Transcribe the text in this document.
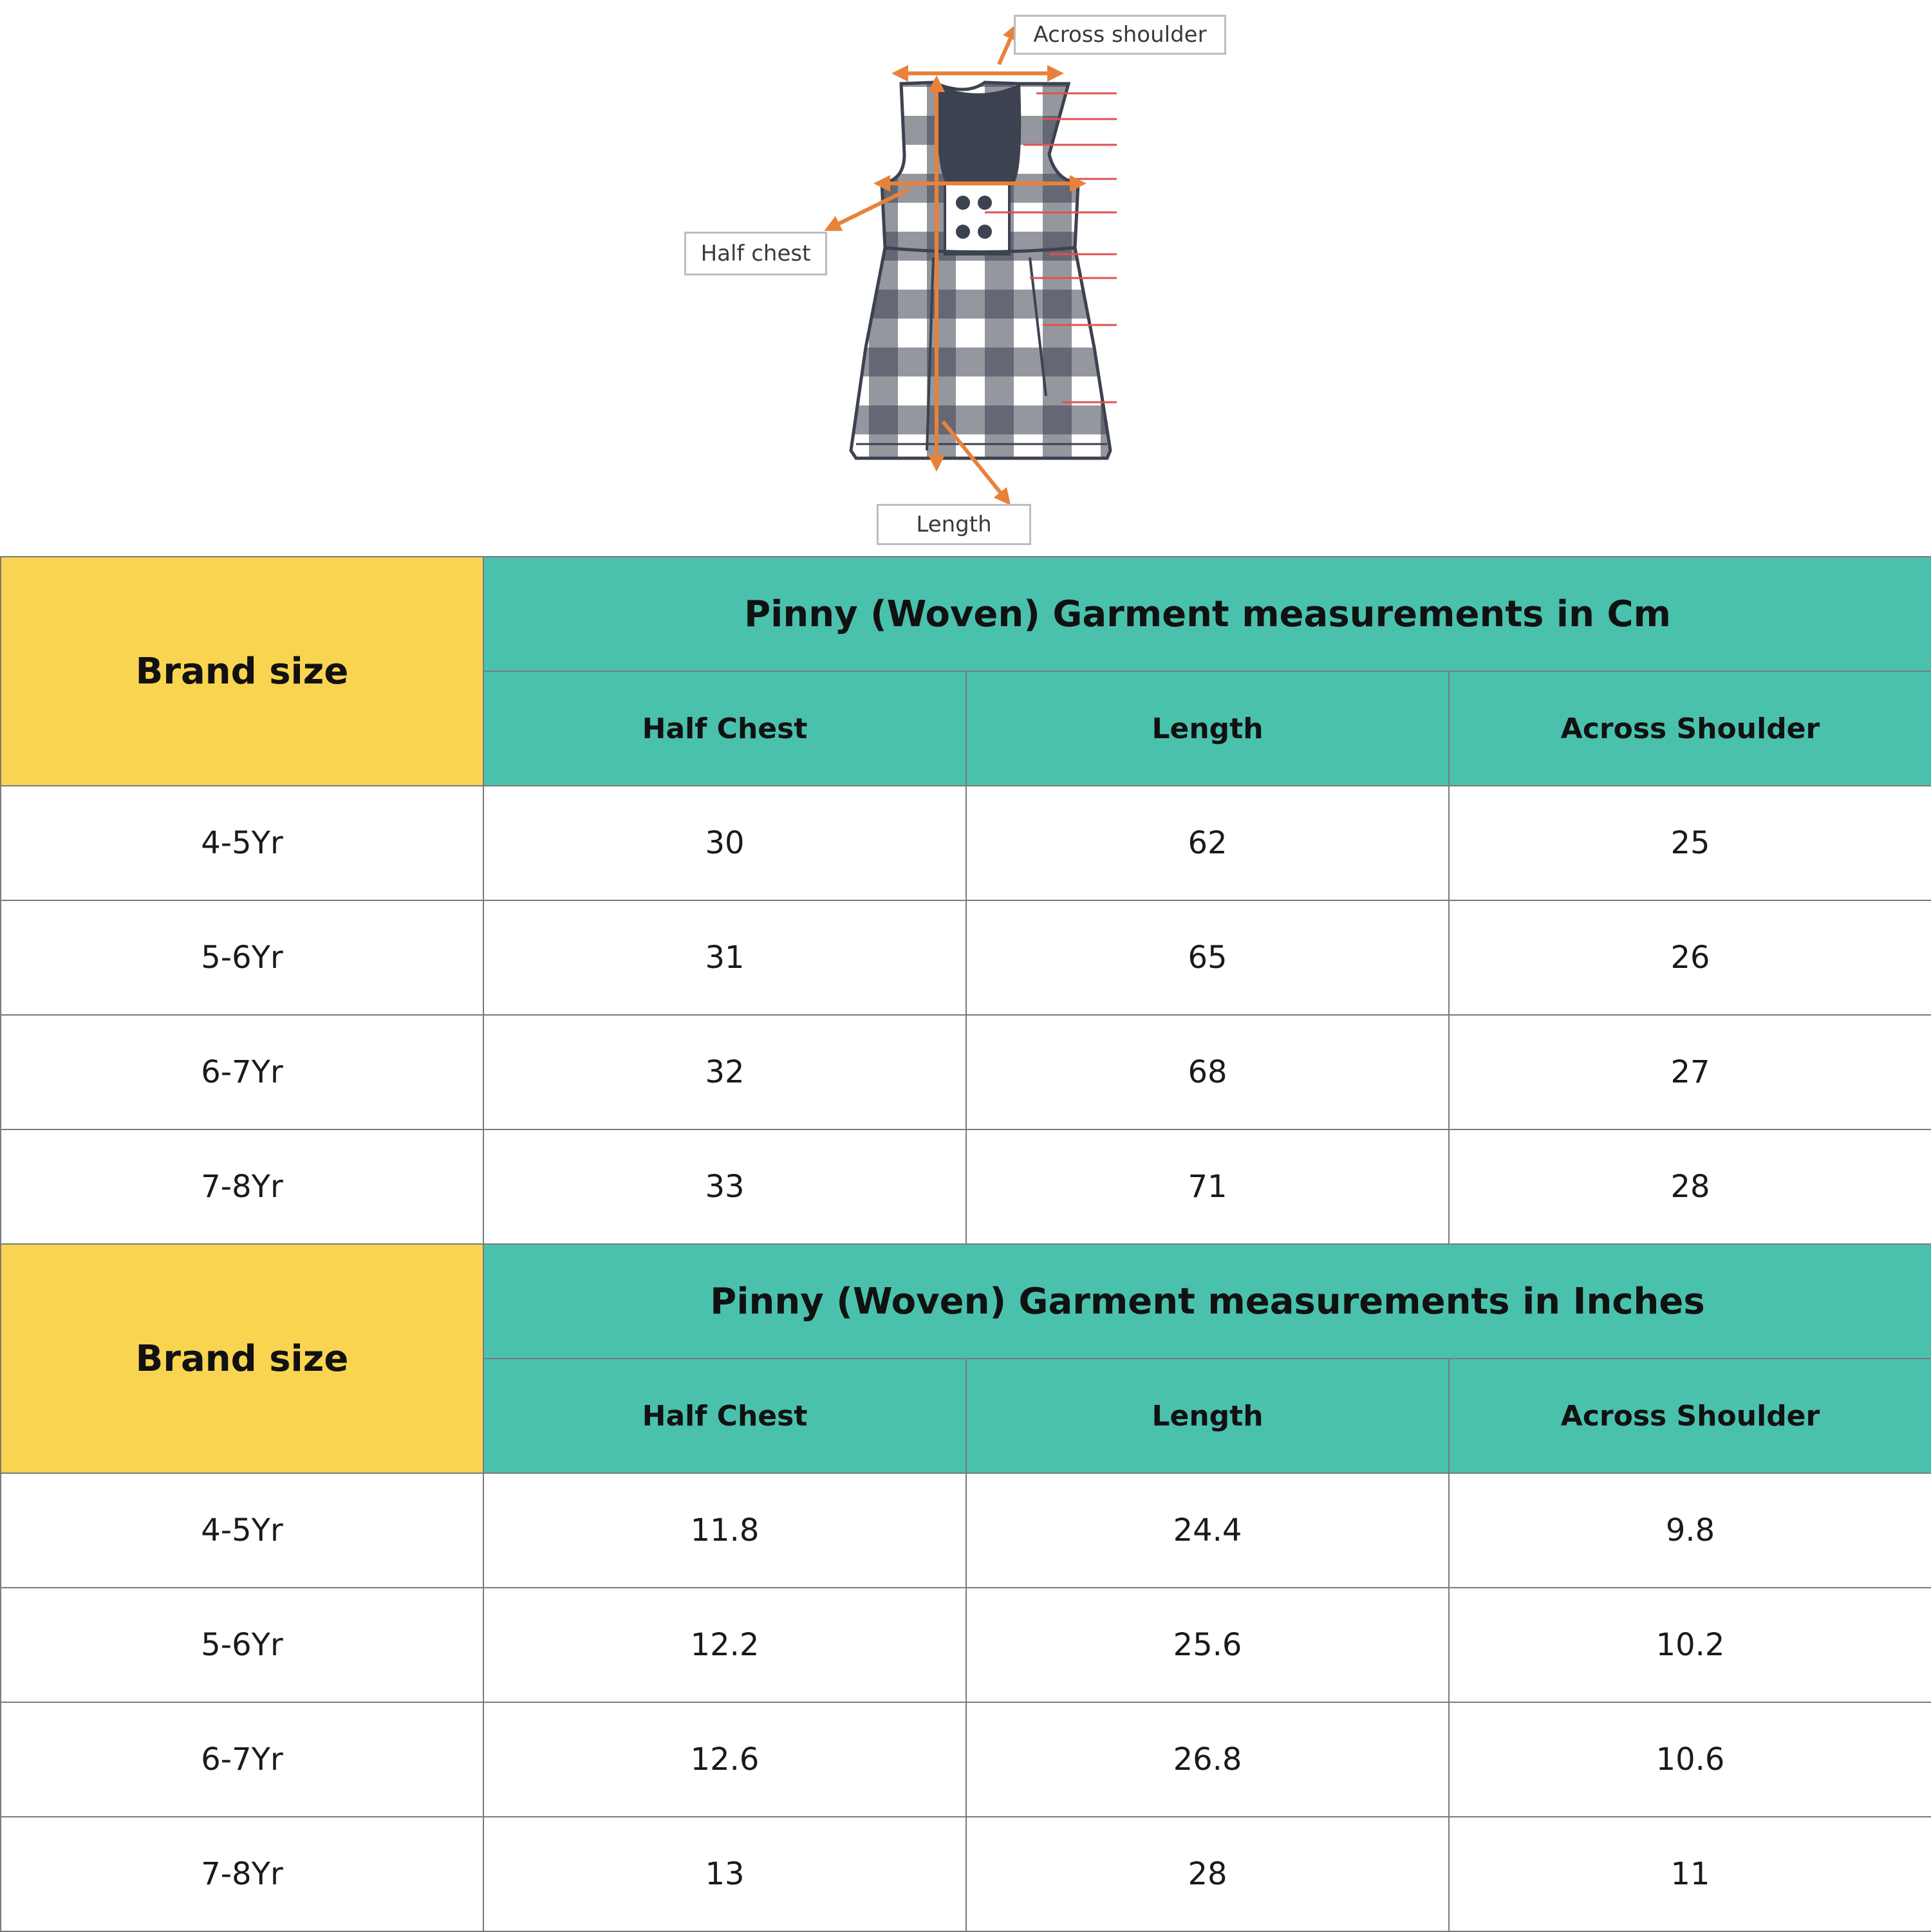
Across shoulder
Half chest
Length
Brand size	Pinny (Woven) Garment measurements in Cm		
	Half Chest	Length	Across Shoulder
4-5Yr	30	62	25
5-6Yr	31	65	26
6-7Yr	32	68	27
7-8Yr	33	71	28
Brand size	Pinny (Woven) Garment measurements in Inches		
	Half Chest	Length	Across Shoulder
4-5Yr	11.8	24.4	9.8
5-6Yr	12.2	25.6	10.2
6-7Yr	12.6	26.8	10.6
7-8Yr	13	28	11
